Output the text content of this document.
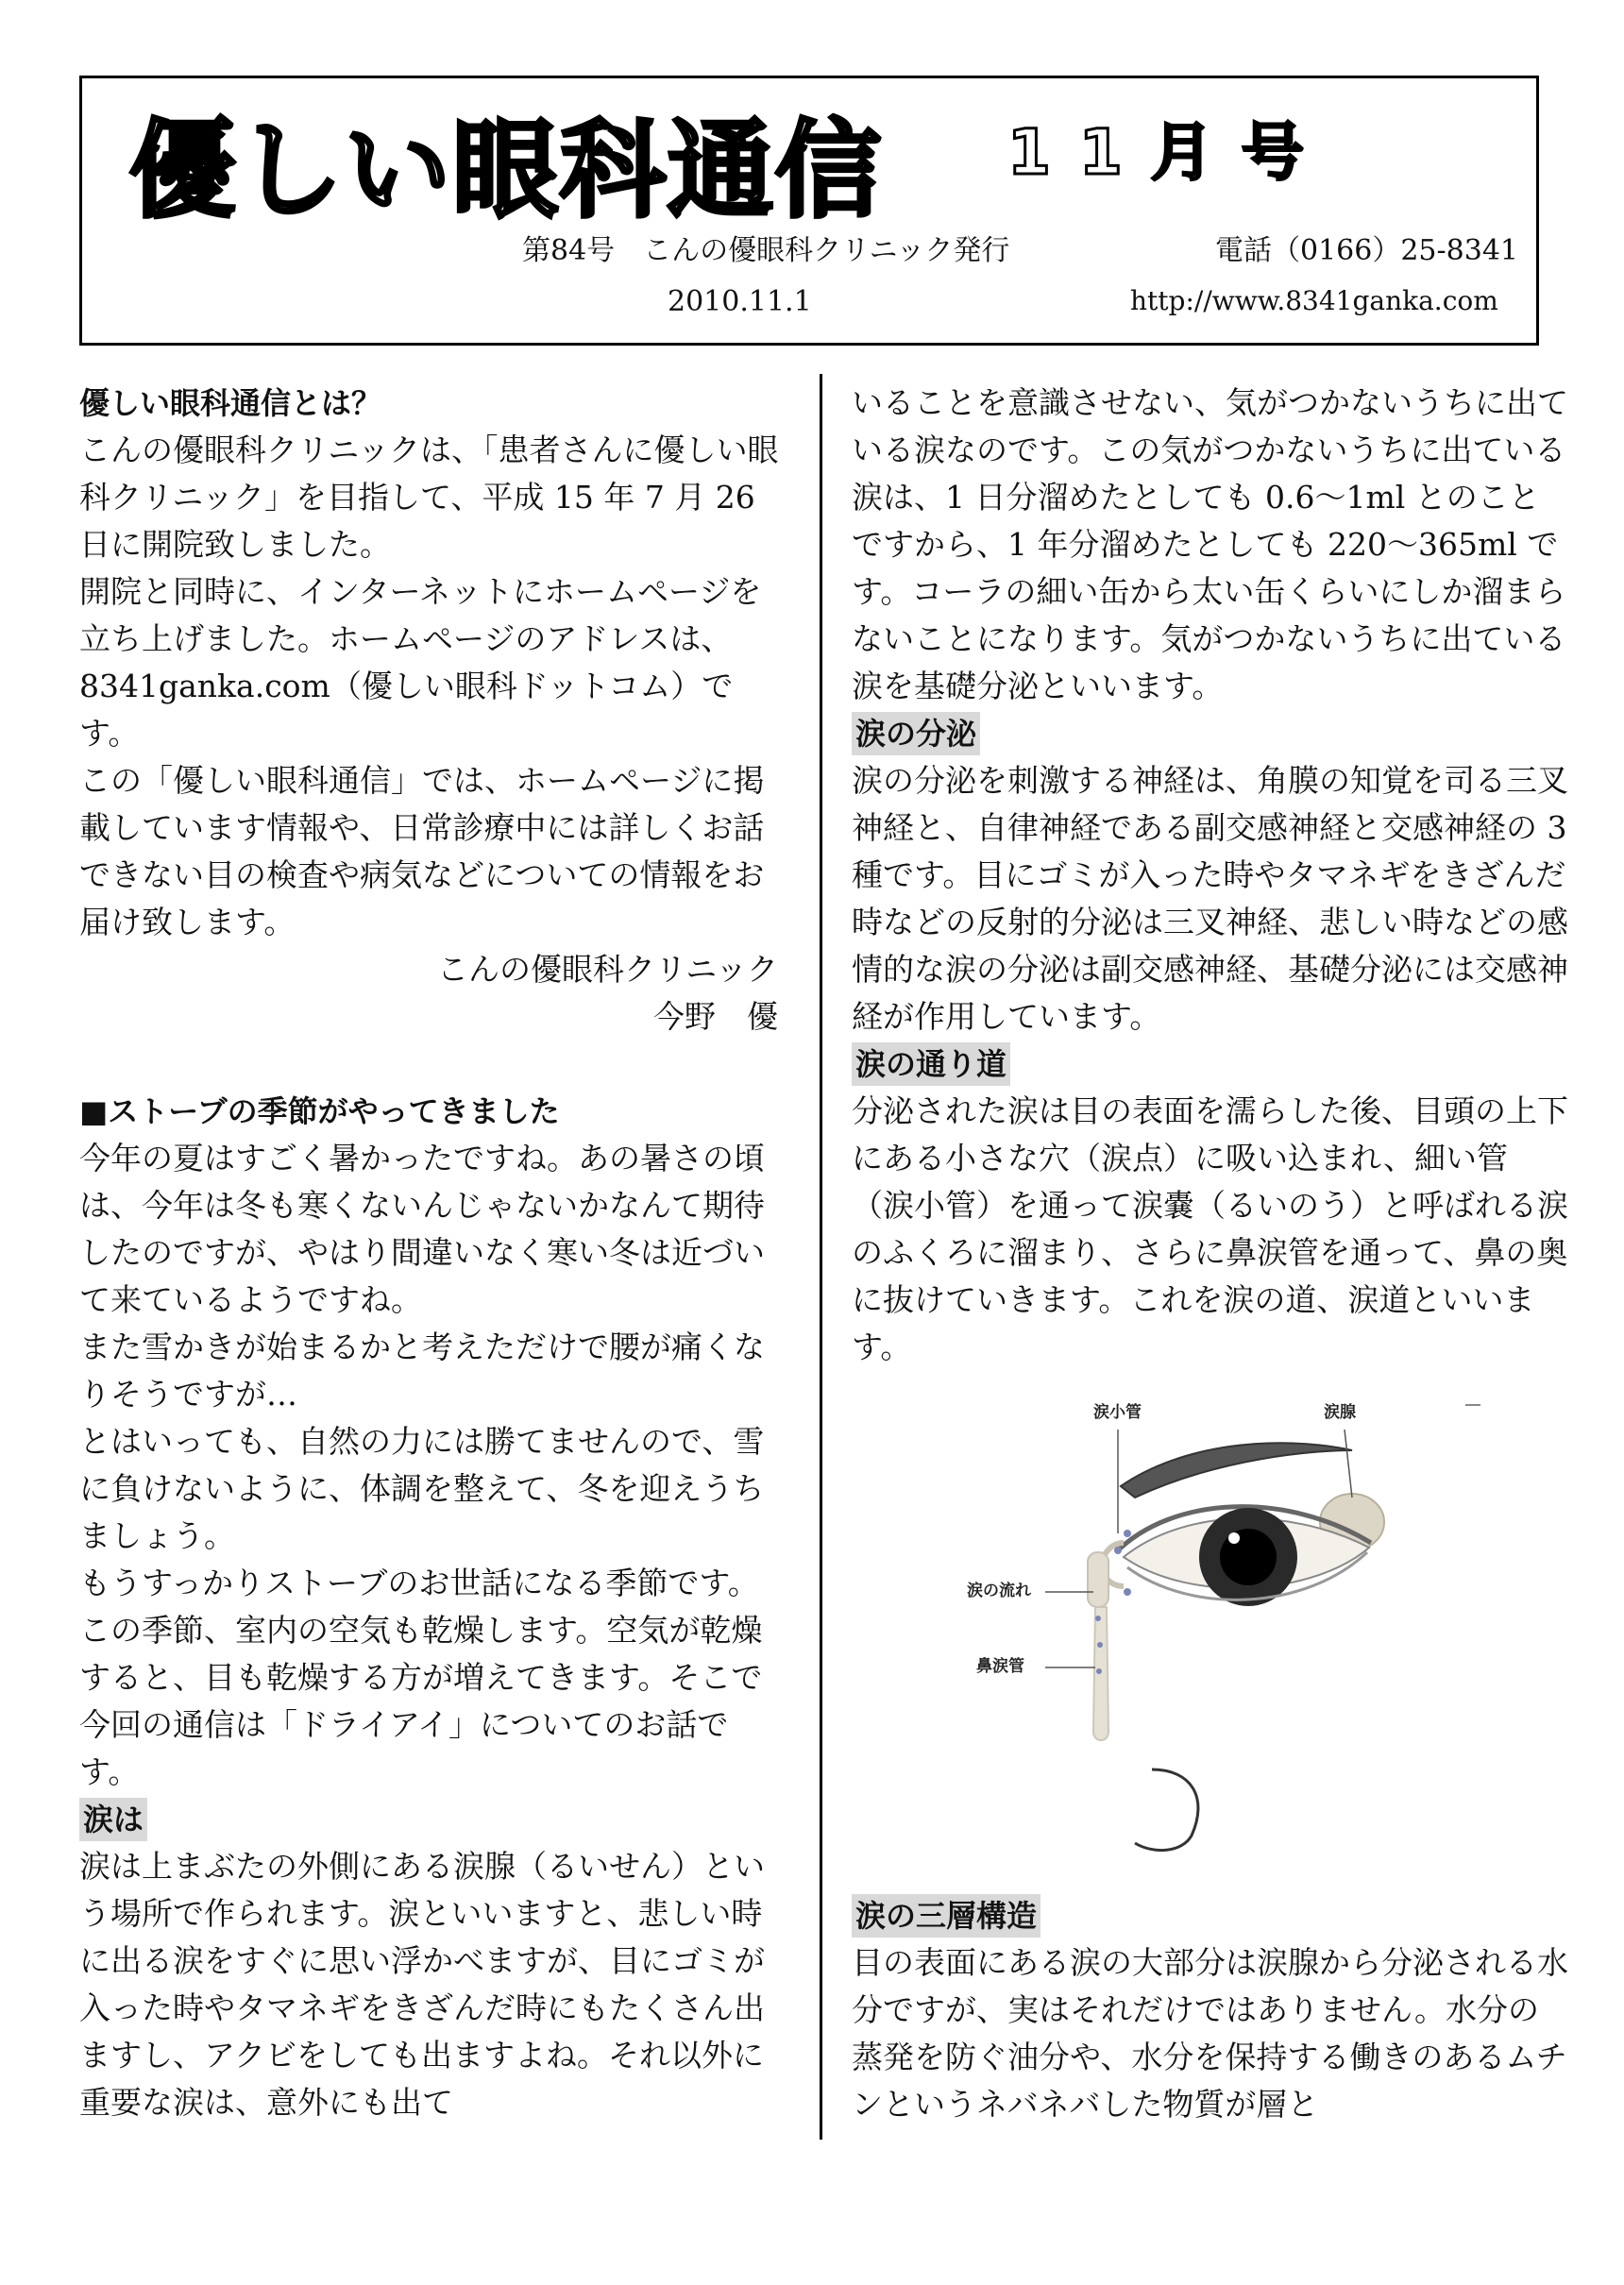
優しい眼科通信 11月号
第84号　こんの優眼科クリニック発行	電話（0166）25-8341
2010.11.1	http://www.8341ganka.com

優しい眼科通信とは？

こんの優眼科クリニックは、「患者さんに優しい眼科クリニック」を目指して、平成 15 年 7 月 26 日に開院致しました。

開院と同時に、インターネットにホームページを立ち上げました。ホームページのアドレスは、8341ganka.com（優しい眼科ドットコム）です。

この「優しい眼科通信」では、ホームページに掲載しています情報や、日常診療中には詳しくお話できない目の検査や病気などについての情報をお届け致します。

こんの優眼科クリニック

今野　優

■ストーブの季節がやってきました

今年の夏はすごく暑かったですね。あの暑さの頃は、今年は冬も寒くないんじゃないかなんて期待したのですが、やはり間違いなく寒い冬は近づいて来ているようですね。

また雪かきが始まるかと考えただけで腰が痛くなりそうですが…

とはいっても、自然の力には勝てませんので、雪に負けないように、体調を整えて、冬を迎えうちましょう。

もうすっかりストーブのお世話になる季節です。この季節、室内の空気も乾燥します。空気が乾燥すると、目も乾燥する方が増えてきます。そこで今回の通信は「ドライアイ」についてのお話です。

涙は

涙は上まぶたの外側にある涙腺（るいせん）という場所で作られます。涙といいますと、悲しい時に出る涙をすぐに思い浮かべますが、目にゴミが入った時やタマネギをきざんだ時にもたくさん出ますし、アクビをしても出ますよね。それ以外に重要な涙は、意外にも出て

いることを意識させない、気がつかないうちに出ている涙なのです。この気がつかないうちに出ている涙は、1 日分溜めたとしても 0.6～1ml とのことですから、1 年分溜めたとしても 220～365ml です。コーラの細い缶から太い缶くらいにしか溜まらないことになります。気がつかないうちに出ている涙を基礎分泌といいます。

涙の分泌

涙の分泌を刺激する神経は、角膜の知覚を司る三叉神経と、自律神経である副交感神経と交感神経の 3 種です。目にゴミが入った時やタマネギをきざんだ時などの反射的分泌は三叉神経、悲しい時などの感情的な涙の分泌は副交感神経、基礎分泌には交感神経が作用しています。

涙の通り道

分泌された涙は目の表面を濡らした後、目頭の上下にある小さな穴（涙点）に吸い込まれ、細い管（涙小管）を通って涙嚢（るいのう）と呼ばれる涙のふくろに溜まり、さらに鼻涙管を通って、鼻の奥に抜けていきます。これを涙の道、涙道といいます。

涙小管	涙腺
涙の流れ
鼻涙管
涙の三層構造

目の表面にある涙の大部分は涙腺から分泌される水分ですが、実はそれだけではありません。水分の蒸発を防ぐ油分や、水分を保持する働きのあるムチンというネバネバした物質が層と
